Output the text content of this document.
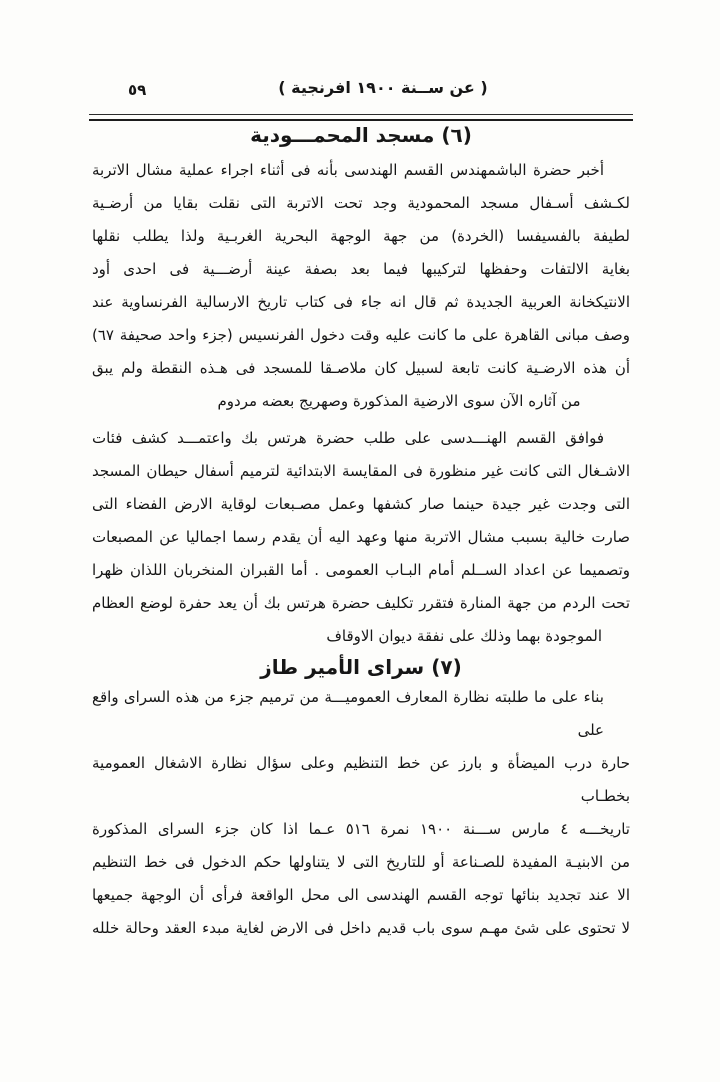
( عن ســنة ١٩٠٠ افرنجية )
٥٩
(٦) مسجد المحمـــودية
أخبر حضرة الباشمهندس القسم الهندسى بأنه فى أثناء اجراء عملية مشال الاتربة
لكـشف أسـفال مسجد المحمودية وجد تحت الاتربة التى نقلت بقايا من أرضـية
لطيفة بالفسيفسا (الخردة) من جهة الوجهة البحرية الغربـية ولذا يطلب نقلها
بغاية الالتفات وحفظها لتركيبها فيما بعد بصفة عينة أرضـــية فى احدى أود
الانتيكخانة العربية الجديدة ثم قال انه جاء فى كتاب تاريخ الارسالية الفرنساوية عند
وصف مبانى القاهرة على ما كانت عليه وقت دخول الفرنسيس (جزء واحد صحيفة ٦٧)
أن هذه الارضـية كانت تابعة لسبيل كان ملاصـقا للمسجد فى هـذه النقطة ولم يبق
من آثاره الآن سوى الارضية المذكورة وصهريج بعضه مردوم
فوافق القسم الهنـــدسى على طلب حضرة هرتس بك واعتمـــد كشف فئات
الاشـغال التى كانت غير منظورة فى المقايسة الابتدائية لترميم أسفال حيطان المسجد
التى وجدت غير جيدة حينما صار كشفها وعمل مصـبعات لوقاية الارض الفضاء التى
صارت خالية بسبب مشال الاتربة منها وعهد اليه أن يقدم رسما اجماليا عن المصبعات
وتصميما عن اعداد الســلم أمام البـاب العمومى . أما القبران المنخربان اللذان ظهرا
تحت الردم من جهة المنارة فتقرر تكليف حضرة هرتس بك أن يعد حفرة لوضع العظام
الموجودة بهما وذلك على نفقة ديوان الاوقاف
(٧) سراى الأمير طاز
بناء على ما طلبته نظارة المعارف العموميـــة من ترميم جزء من هذه السراى واقع على
حارة درب الميضأة و بارز عن خط التنظيم وعلى سؤال نظارة الاشغال العمومية بخطـاب
تاريخـــه ٤ مارس ســـنة ١٩٠٠ نمرة ٥١٦ عـما اذا كان جزء السراى المذكورة
من الابنيـة المفيدة للصـناعة أو للتاريخ التى لا يتناولها حكم الدخول فى خط التنظيم
الا عند تجديد بنائها توجه القسم الهندسى الى محل الواقعة فرأى أن الوجهة جميعها
لا تحتوى على شئ مهـم سوى باب قديم داخل فى الارض لغاية مبدء العقد وحالة خلله
